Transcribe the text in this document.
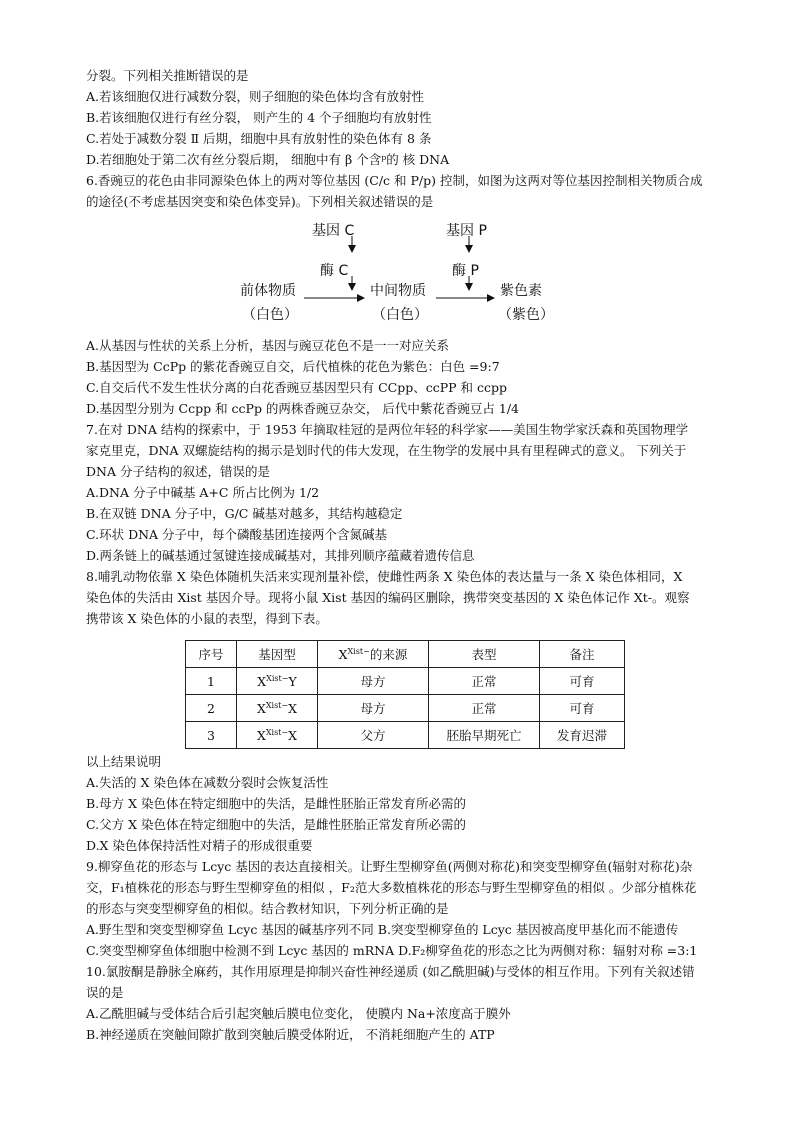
分裂。下列相关推断错误的是
A.若该细胞仅进行减数分裂，则子细胞的染色体均含有放射性
B.若该细胞仅进行有丝分裂， 则产生的 4 个子细胞均有放射性
C.若处于减数分裂 Ⅱ 后期，细胞中具有放射性的染色体有 8 条
D.若细胞处于第二次有丝分裂后期， 细胞中有 β 个含ᵖ的 核 DNA
6.香豌豆的花色由非同源染色体上的两对等位基因 (C/c 和 P/p) 控制，如图为这两对等位基因控制相关物质合成
的途径(不考虑基因突变和染色体变异)。下列相关叙述错误的是
基因 C	基因 P
酶 C	酶 P
前体物质	中间物质	紫色素
（白色）	（白色）	（紫色）
A.从基因与性状的关系上分析，基因与豌豆花色不是一一对应关系
B.基因型为 CcPp 的紫花香豌豆自交，后代植株的花色为紫色：白色 =9:7
C.自交后代不发生性状分离的白花香豌豆基因型只有 CCpp、ccPP 和 ccpp
D.基因型分别为 Ccpp 和 ccPp 的两株香豌豆杂交， 后代中紫花香豌豆占 1/4
7.在对 DNA 结构的探索中，于 1953 年摘取桂冠的是两位年轻的科学家——美国生物学家沃森和英国物理学
家克里克，DNA 双螺旋结构的揭示是划时代的伟大发现，在生物学的发展中具有里程碑式的意义。 下列关于
DNA 分子结构的叙述，错误的是
A.DNA 分子中碱基 A+C 所占比例为 1/2
B.在双链 DNA 分子中，G/C 碱基对越多，其结构越稳定
C.环状 DNA 分子中，每个磷酸基团连接两个含氮碱基
D.两条链上的碱基通过氢键连接成碱基对，其排列顺序蕴藏着遗传信息
8.哺乳动物依靠 X 染色体随机失活来实现剂量补偿，使雌性两条 X 染色体的表达量与一条 X 染色体相同，X
染色体的失活由 Xist 基因介导。现将小鼠 Xist 基因的编码区删除，携带突变基因的 X 染色体记作 Xt-。观察
携带该 X 染色体的小鼠的表型，得到下表。
序号	基因型	$X^{Xist-}$的来源	表型	备注
1	$X^{Xist-}Y$	母方	正常	可育
2	$X^{Xist-}X$	母方	正常	可育
3	$X^{Xist-}X$	父方	胚胎早期死亡	发育迟滞
以上结果说明
A.失活的 X 染色体在减数分裂时会恢复活性
B.母方 X 染色体在特定细胞中的失活，是雌性胚胎正常发育所必需的
C.父方 X 染色体在特定细胞中的失活，是雌性胚胎正常发育所必需的
D.X 染色体保持活性对精子的形成很重要
9.柳穿鱼花的形态与 Lcyc 基因的表达直接相关。让野生型柳穿鱼(两侧对称花)和突变型柳穿鱼(辐射对称花)杂
交，F₁植株花的形态与野生型柳穿鱼的相似 ，F₂范大多数植株花的形态与野生型柳穿鱼的相似 。少部分植株花
的形态与突变型柳穿鱼的相似。结合教材知识，下列分析正确的是
A.野生型和突变型柳穿鱼 Lcyc 基因的碱基序列不同 B.突变型柳穿鱼的 Lcyc 基因被高度甲基化而不能遗传
C.突变型柳穿鱼体细胞中检测不到 Lcyc 基因的 mRNA D.F₂柳穿鱼花的形态之比为两侧对称：辐射对称 =3:1
10.氯胺酮是静脉全麻药，其作用原理是抑制兴奋性神经递质 (如乙酰胆碱)与受体的相互作用。下列有关叙述错
误的是
A.乙酰胆碱与受体结合后引起突触后膜电位变化， 使膜内 Na+浓度高于膜外
B.神经递质在突触间隙扩散到突触后膜受体附近， 不消耗细胞产生的 ATP
